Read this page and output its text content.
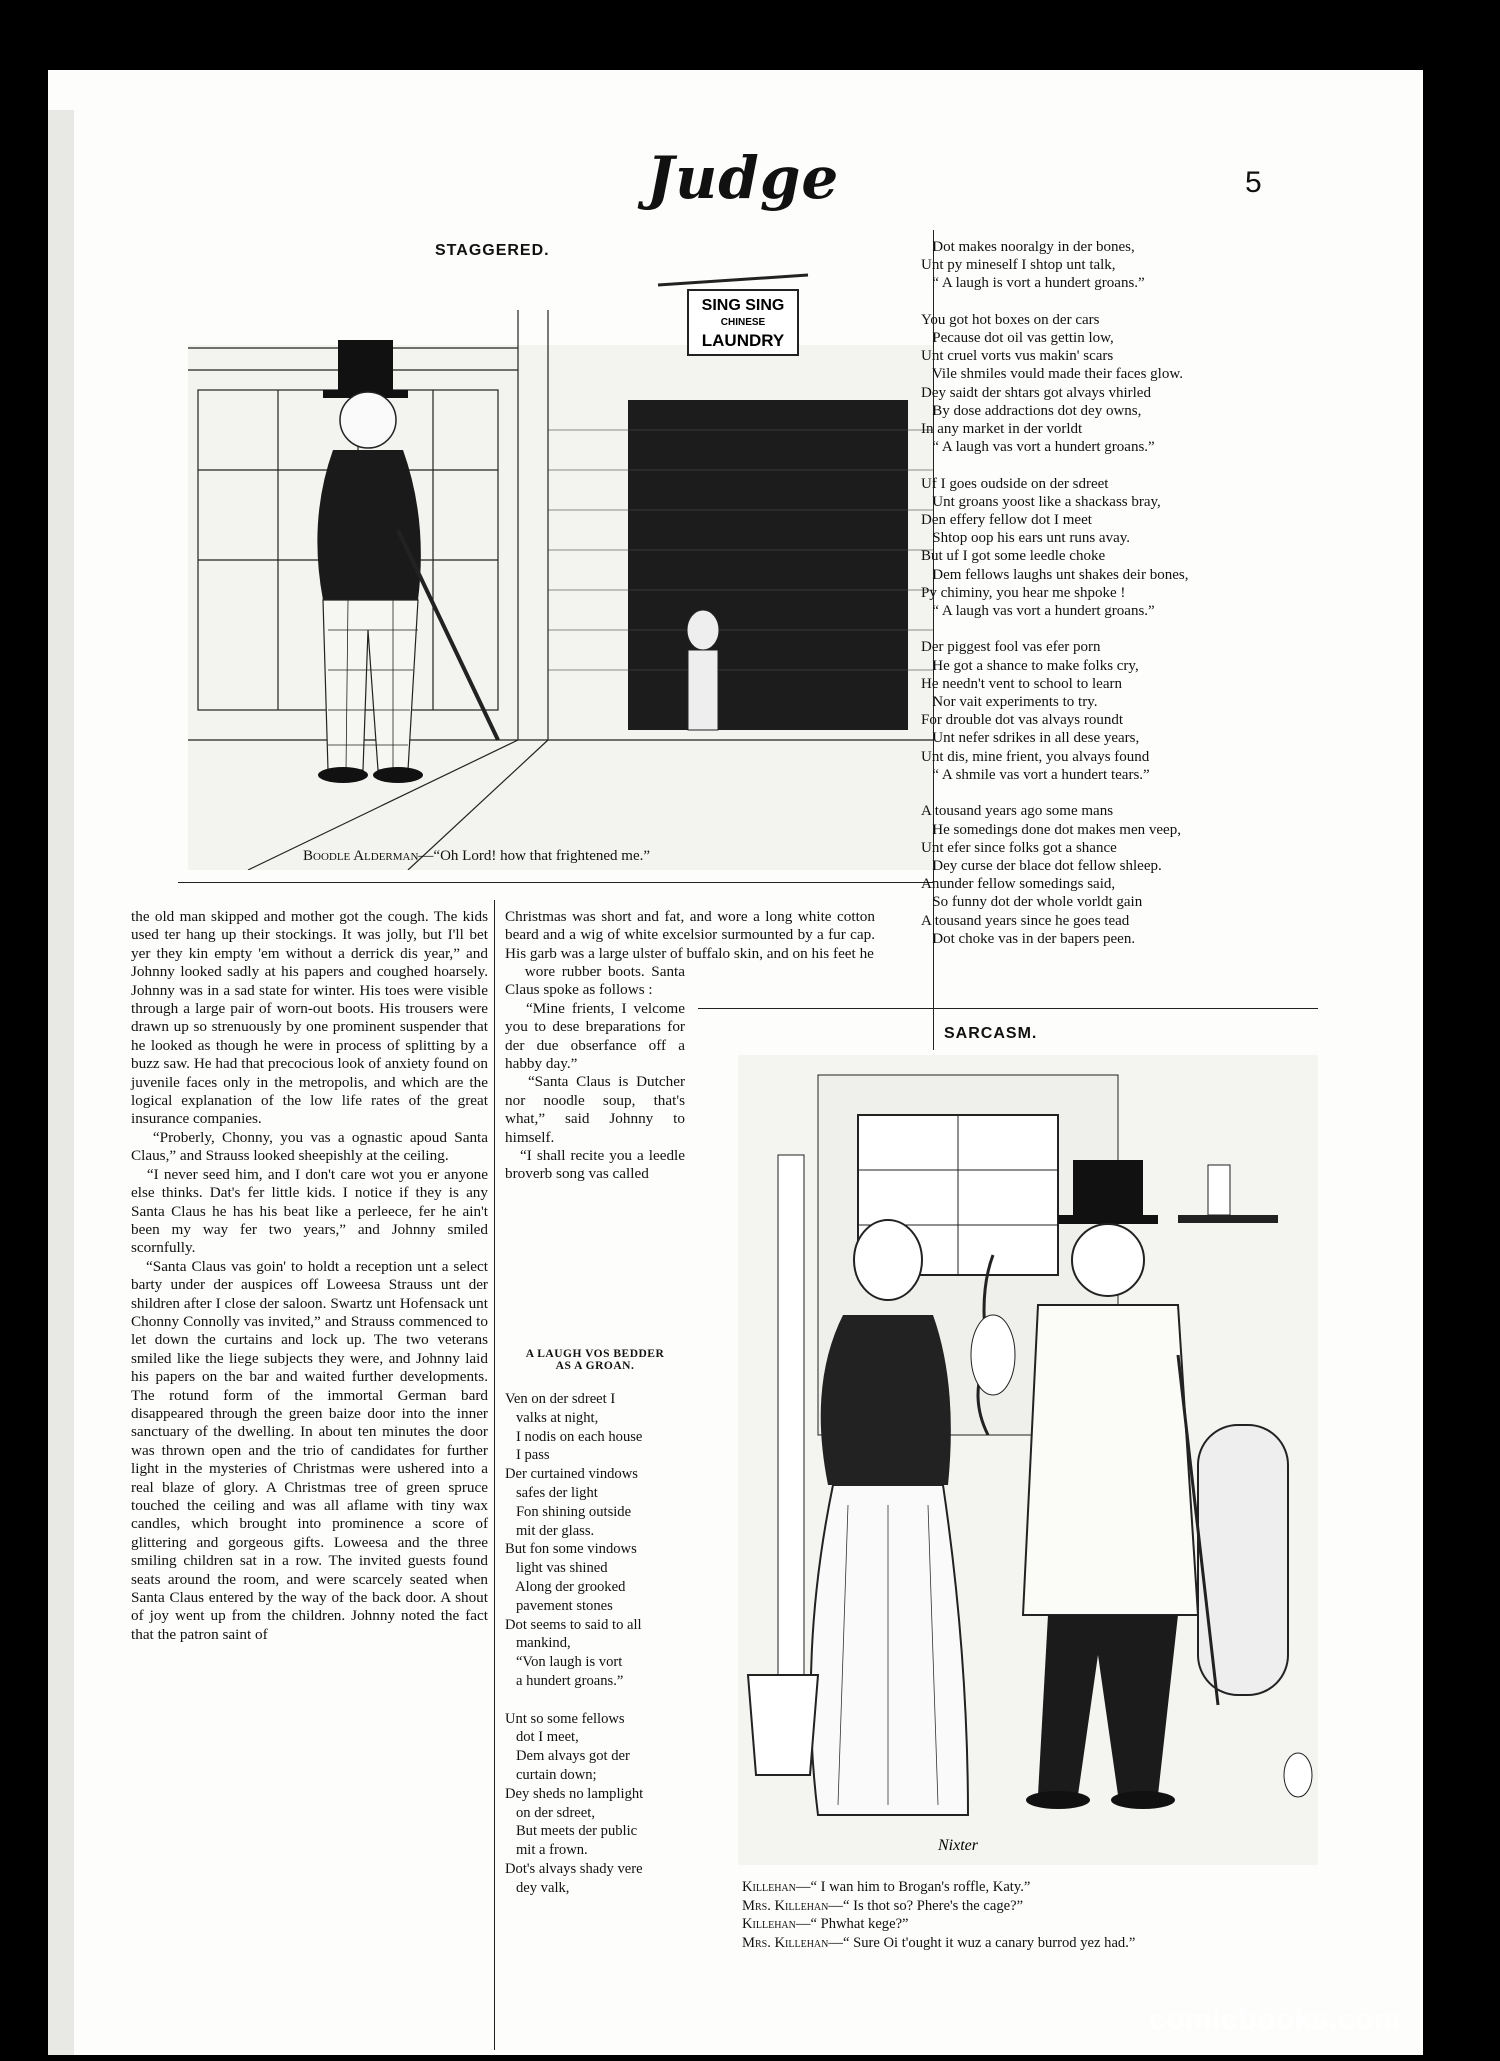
Judge	5
STAGGERED.
SING SING
CHINESE
LAUNDRY
Boodle Alderman—“Oh Lord! how that frightened me.”
Dot makes nooralgy in der bones,
Unt py mineself I shtop unt talk,
“ A laugh is vort a hundert groans.”

You got hot boxes on der cars
Pecause dot oil vas gettin low,
Unt cruel vorts vus makin' scars
Vile shmiles vould made their faces glow.
Dey saidt der shtars got alvays vhirled
By dose addractions dot dey owns,
In any market in der vorldt
“ A laugh vas vort a hundert groans.”

Uf I goes oudside on der sdreet
Unt groans yoost like a shackass bray,
Den effery fellow dot I meet
Shtop oop his ears unt runs avay.
But uf I got some leedle choke
Dem fellows laughs unt shakes deir bones,
Py chiminy, you hear me shpoke !
“ A laugh vas vort a hundert groans.”

Der piggest fool vas efer porn
He got a shance to make folks cry,
He needn't vent to school to learn
Nor vait experiments to try.
For drouble dot vas alvays roundt
Unt nefer sdrikes in all dese years,
Unt dis, mine frient, you alvays found
“ A shmile vas vort a hundert tears.”

A tousand years ago some mans
He somedings done dot makes men veep,
Unt efer since folks got a shance
Dey curse der blace dot fellow shleep.
Anunder fellow somedings said,
So funny dot der whole vorldt gain
A tousand years since he goes tead
Dot choke vas in der bapers peen.
the old man skipped and mother got the cough. The kids used ter hang up their stockings. It was jolly, but I'll bet yer they kin empty 'em without a derrick dis year,” and Johnny looked sadly at his papers and coughed hoarsely. Johnny was in a sad state for winter. His toes were visible through a large pair of worn-out boots. His trousers were drawn up so strenuously by one prominent suspender that he looked as though he were in process of splitting by a buzz saw. He had that precocious look of anxiety found on juvenile faces only in the metropolis, and which are the logical explanation of the low life rates of the great insurance companies.
“Proberly, Chonny, you vas a ognastic apoud Santa Claus,” and Strauss looked sheepishly at the ceiling.
“I never seed him, and I don't care wot you er anyone else thinks. Dat's fer little kids. I notice if they is any Santa Claus he has his beat like a perleece, fer he ain't been my way fer two years,” and Johnny smiled scornfully.
“Santa Claus vas goin' to holdt a reception unt a select barty under der auspices off Loweesa Strauss unt der shildren after I close der saloon. Swartz unt Hofensack unt Chonny Connolly vas invited,” and Strauss commenced to let down the curtains and lock up. The two veterans smiled like the liege subjects they were, and Johnny laid his papers on the bar and waited further developments. The rotund form of the immortal German bard disappeared through the green baize door into the inner sanctuary of the dwelling. In about ten minutes the door was thrown open and the trio of candidates for further light in the mysteries of Christmas were ushered into a real blaze of glory. A Christmas tree of green spruce touched the ceiling and was all aflame with tiny wax candles, which brought into prominence a score of glittering and gorgeous gifts. Loweesa and the three smiling children sat in a row. The invited guests found seats around the room, and were scarcely seated when Santa Claus entered by the way of the back door. A shout of joy went up from the children. Johnny noted the fact that the patron saint of
Christmas was short and fat, and wore a long white cotton beard and a wig of white excelsior surmounted by a fur cap. His garb was a large ulster of buffalo skin, and on his feet he
wore rubber boots. Santa Claus spoke as follows :
“Mine frients, I velcome you to dese breparations for der due obserfance off a habby day.”
“Santa Claus is Dutcher nor noodle soup, that's what,” said Johnny to himself.
“I shall recite you a leedle broverb song vas called
A LAUGH VOS BEDDER
AS A GROAN.
Ven on der sdreet I
valks at night,
I nodis on each house
I pass
Der curtained vindows
safes der light
Fon shining outside
mit der glass.
But fon some vindows
light vas shined
Along der grooked
pavement stones
Dot seems to said to all
mankind,
“Von laugh is vort
a hundert groans.”

Unt so some fellows
dot I meet,
Dem alvays got der
curtain down;
Dey sheds no lamplight
on der sdreet,
But meets der public
mit a frown.
Dot's alvays shady vere
dey valk,
SARCASM.
Nixter
Killehan—“ I wan him to Brogan's roffle, Katy.”
Mrs. Killehan—“ Is thot so? Phere's the cage?”
Killehan—“ Phwhat kege?”
Mrs. Killehan—“ Sure Oi t'ought it wuz a canary burrod yez had.”
comicbooks.com
